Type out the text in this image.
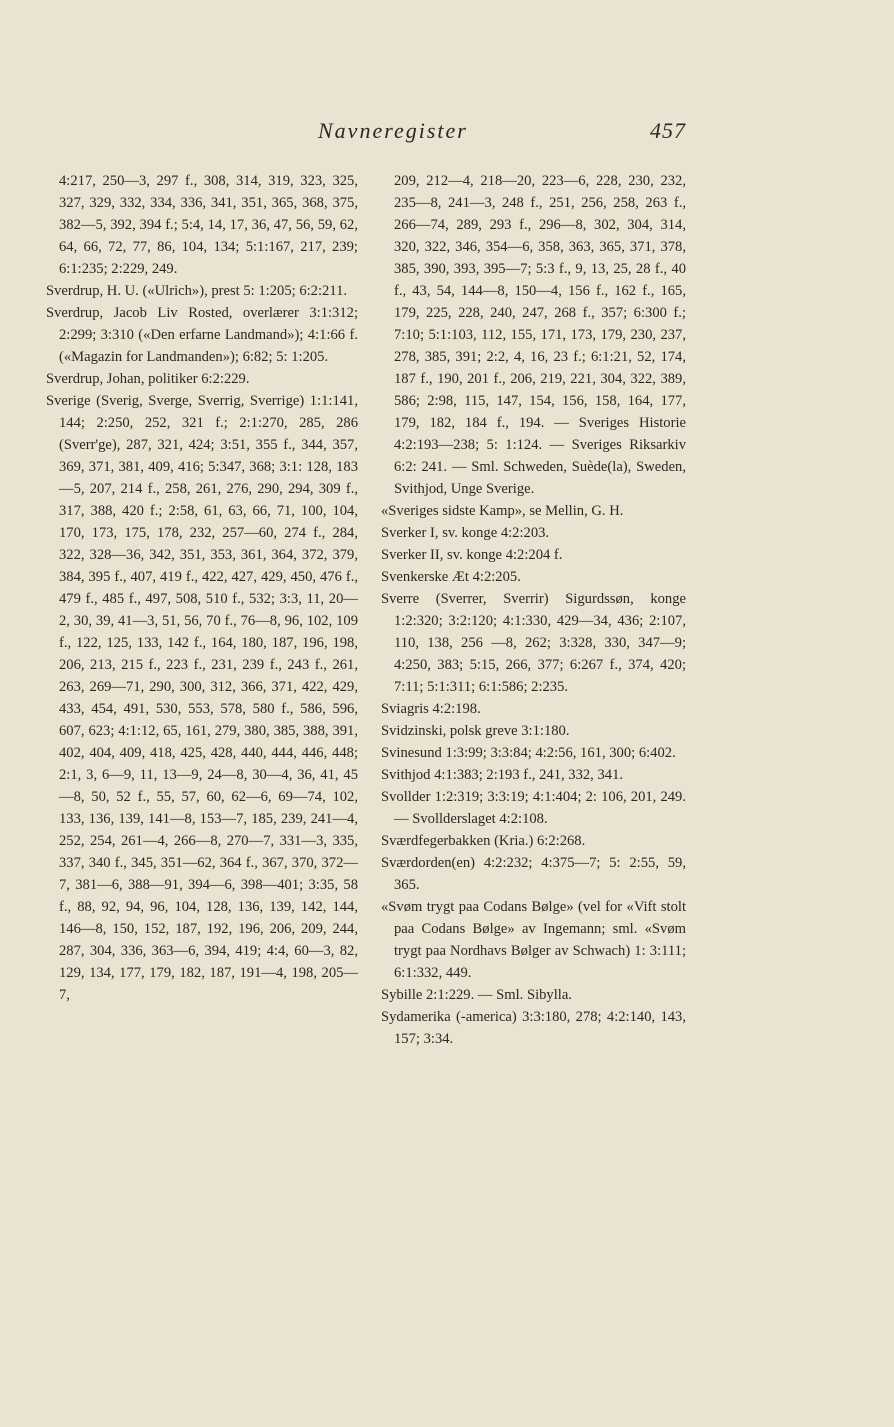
Navneregister	457

4:217, 250—3, 297 f., 308, 314, 319, 323, 325, 327, 329, 332, 334, 336, 341, 351, 365, 368, 375, 382—5, 392, 394 f.; 5:4, 14, 17, 36, 47, 56, 59, 62, 64, 66, 72, 77, 86, 104, 134; 5:1:167, 217, 239; 6:1:235; 2:229, 249.

Sverdrup, H. U. («Ulrich»), prest 5: 1:205; 6:2:211.

Sverdrup, Jacob Liv Rosted, overlærer 3:1:312; 2:299; 3:310 («Den erfarne Landmand»); 4:1:66 f. («Magazin for Landmanden»); 6:82; 5: 1:205.

Sverdrup, Johan, politiker 6:2:229.

Sverige (Sverig, Sverge, Sverrig, Sverrige) 1:1:141, 144; 2:250, 252, 321 f.; 2:1:270, 285, 286 (Sverr'ge), 287, 321, 424; 3:51, 355 f., 344, 357, 369, 371, 381, 409, 416; 5:347, 368; 3:1: 128, 183—5, 207, 214 f., 258, 261, 276, 290, 294, 309 f., 317, 388, 420 f.; 2:58, 61, 63, 66, 71, 100, 104, 170, 173, 175, 178, 232, 257—60, 274 f., 284, 322, 328—36, 342, 351, 353, 361, 364, 372, 379, 384, 395 f., 407, 419 f., 422, 427, 429, 450, 476 f., 479 f., 485 f., 497, 508, 510 f., 532; 3:3, 11, 20—2, 30, 39, 41—3, 51, 56, 70 f., 76—8, 96, 102, 109 f., 122, 125, 133, 142 f., 164, 180, 187, 196, 198, 206, 213, 215 f., 223 f., 231, 239 f., 243 f., 261, 263, 269—71, 290, 300, 312, 366, 371, 422, 429, 433, 454, 491, 530, 553, 578, 580 f., 586, 596, 607, 623; 4:1:12, 65, 161, 279, 380, 385, 388, 391, 402, 404, 409, 418, 425, 428, 440, 444, 446, 448; 2:1, 3, 6—9, 11, 13—9, 24—8, 30—4, 36, 41, 45—8, 50, 52 f., 55, 57, 60, 62—6, 69—74, 102, 133, 136, 139, 141—8, 153—7, 185, 239, 241—4, 252, 254, 261—4, 266—8, 270—7, 331—3, 335, 337, 340 f., 345, 351—62, 364 f., 367, 370, 372—7, 381—6, 388—91, 394—6, 398—401; 3:35, 58 f., 88, 92, 94, 96, 104, 128, 136, 139, 142, 144, 146—8, 150, 152, 187, 192, 196, 206, 209, 244, 287, 304, 336, 363—6, 394, 419; 4:4, 60—3, 82, 129, 134, 177, 179, 182, 187, 191—4, 198, 205—7,

209, 212—4, 218—20, 223—6, 228, 230, 232, 235—8, 241—3, 248 f., 251, 256, 258, 263 f., 266—74, 289, 293 f., 296—8, 302, 304, 314, 320, 322, 346, 354—6, 358, 363, 365, 371, 378, 385, 390, 393, 395—7; 5:3 f., 9, 13, 25, 28 f., 40 f., 43, 54, 144—8, 150—4, 156 f., 162 f., 165, 179, 225, 228, 240, 247, 268 f., 357; 6:300 f.; 7:10; 5:1:103, 112, 155, 171, 173, 179, 230, 237, 278, 385, 391; 2:2, 4, 16, 23 f.; 6:1:21, 52, 174, 187 f., 190, 201 f., 206, 219, 221, 304, 322, 389, 586; 2:98, 115, 147, 154, 156, 158, 164, 177, 179, 182, 184 f., 194. — Sveriges Historie 4:2:193—238; 5: 1:124. — Sveriges Riksarkiv 6:2: 241. — Sml. Schweden, Suède(la), Sweden, Svithjod, Unge Sverige.

«Sveriges sidste Kamp», se Mellin, G. H.

Sverker I, sv. konge 4:2:203.

Sverker II, sv. konge 4:2:204 f.

Svenkerske Æt 4:2:205.

Sverre (Sverrer, Sverrir) Sigurdssøn, konge 1:2:320; 3:2:120; 4:1:330, 429—34, 436; 2:107, 110, 138, 256 —8, 262; 3:328, 330, 347—9; 4:250, 383; 5:15, 266, 377; 6:267 f., 374, 420; 7:11; 5:1:311; 6:1:586; 2:235.

Sviagris 4:2:198.

Svidzinski, polsk greve 3:1:180.

Svinesund 1:3:99; 3:3:84; 4:2:56, 161, 300; 6:402.

Svithjod 4:1:383; 2:193 f., 241, 332, 341.

Svollder 1:2:319; 3:3:19; 4:1:404; 2: 106, 201, 249. — Svollderslaget 4:2:108.

Sværdfegerbakken (Kria.) 6:2:268.

Sværdorden(en) 4:2:232; 4:375—7; 5: 2:55, 59, 365.

«Svøm trygt paa Codans Bølge» (vel for «Vift stolt paa Codans Bølge» av Ingemann; sml. «Svøm trygt paa Nordhavs Bølger av Schwach) 1: 3:111; 6:1:332, 449.

Sybille 2:1:229. — Sml. Sibylla.

Sydamerika (-america) 3:3:180, 278; 4:2:140, 143, 157; 3:34.
